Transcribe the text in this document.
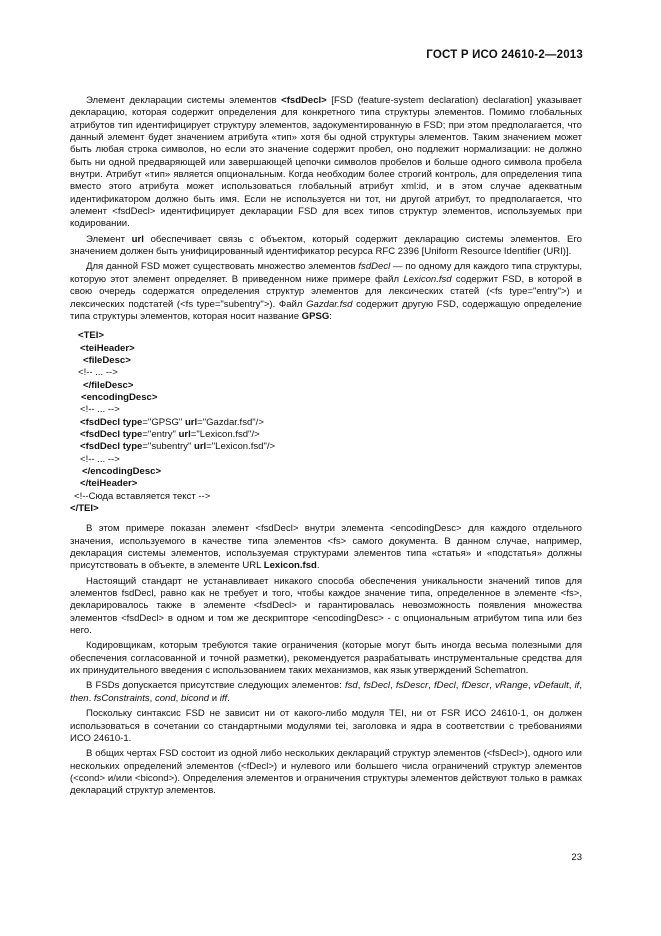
ГОСТ Р ИСО 24610-2—2013

Элемент декларации системы элементов <fsdDecl> [FSD (feature-system declaration) declaration] указывает декларацию, которая содержит определения для конкретного типа структуры элементов. Помимо глобальных атрибутов тип идентифицирует структуру элементов, задокументированную в FSD; при этом предполагается, что данный элемент будет значением атрибута «тип» хотя бы одной структуры элементов. Таким значением может быть любая строка символов, но если это значение содержит пробел, оно подлежит нормализации: не должно быть ни одной предваряющей или завершающей цепочки символов пробелов и больше одного символа пробела внутри. Атрибут «тип» является опциональным. Когда необходим более строгий контроль, для определения типа вместо этого атрибута может использоваться глобальный атрибут xml:id, и в этом случае адекватным идентификатором должно быть имя. Если не используется ни тот, ни другой атрибут, то предполагается, что элемент <fsdDecl> идентифицирует декларации FSD для всех типов структур элементов, используемых при кодировании.

Элемент url обеспечивает связь с объектом, который содержит декларацию системы элементов. Его значением должен быть унифицированный идентификатор ресурса RFC 2396 [Uniform Resource Identifier (URI)].

Для данной FSD может существовать множество элементов fsdDecl — по одному для каждого типа структуры, которую этот элемент определяет. В приведенном ниже примере файл Lexicon.fsd содержит FSD, в которой в свою очередь содержатся определения структур элементов для лексических статей (<fs type="entry">) и лексических подстатей (<fs type="subentry">). Файл Gazdar.fsd содержит другую FSD, содержащую определение типа структуры элементов, которая носит название GPSG:

<TEI>
<teiHeader>
<fileDesc>
<!-- ... -->
</fileDesc>
<encodingDesc>
<!-- ... -->
<fsdDecl type="GPSG" url="Gazdar.fsd"/>
<fsdDecl type="entry" url="Lexicon.fsd"/>
<fsdDecl type="subentry" url="Lexicon.fsd"/>
<!-- ... -->
</encodingDesc>
</teiHeader>
<!--Сюда вставляется текст -->
</TEI>

В этом примере показан элемент <fsdDecl> внутри элемента <encodingDesc> для каждого отдельного значения, используемого в качестве типа элементов <fs> самого документа. В данном случае, например, декларация системы элементов, используемая структурами элементов типа «статья» и «подстатья» должны присутствовать в объекте, в элементе URL Lexicon.fsd.

Настоящий стандарт не устанавливает никакого способа обеспечения уникальности значений типов для элементов fsdDecl, равно как не требует и того, чтобы каждое значение типа, определенное в элементе <fs>, декларировалось также в элементе <fsdDecl> и гарантировалась невозможность появления множества элементов <fsdDecl> в одном и том же дескрипторе <encodingDesc> - с опциональным атрибутом типа или без него.

Кодировщикам, которым требуются такие ограничения (которые могут быть иногда весьма полезными для обеспечения согласованной и точной разметки), рекомендуется разрабатывать инструментальные средства для их принудительного введения с использованием таких механизмов, как язык утверждений Schematron.

В FSDs допускается присутствие следующих элементов: fsd, fsDecl, fsDescr, fDecl, fDescr, vRange, vDefault, if, then. fsConstraints, cond, bicond и iff.

Поскольку синтаксис FSD не зависит ни от какого-либо модуля TEI, ни от FSR ИСО 24610-1, он должен использоваться в сочетании со стандартными модулями tei, заголовка и ядра в соответствии с требованиями ИСО 24610-1.

В общих чертах FSD состоит из одной либо нескольких деклараций структур элементов (<fsDecl>), одного или нескольких определений элементов (<fDecl>) и нулевого или большего числа ограничений структур элементов (<cond> и/или <bicond>). Определения элементов и ограничения структуры элементов действуют только в рамках деклараций структур элементов.

23
